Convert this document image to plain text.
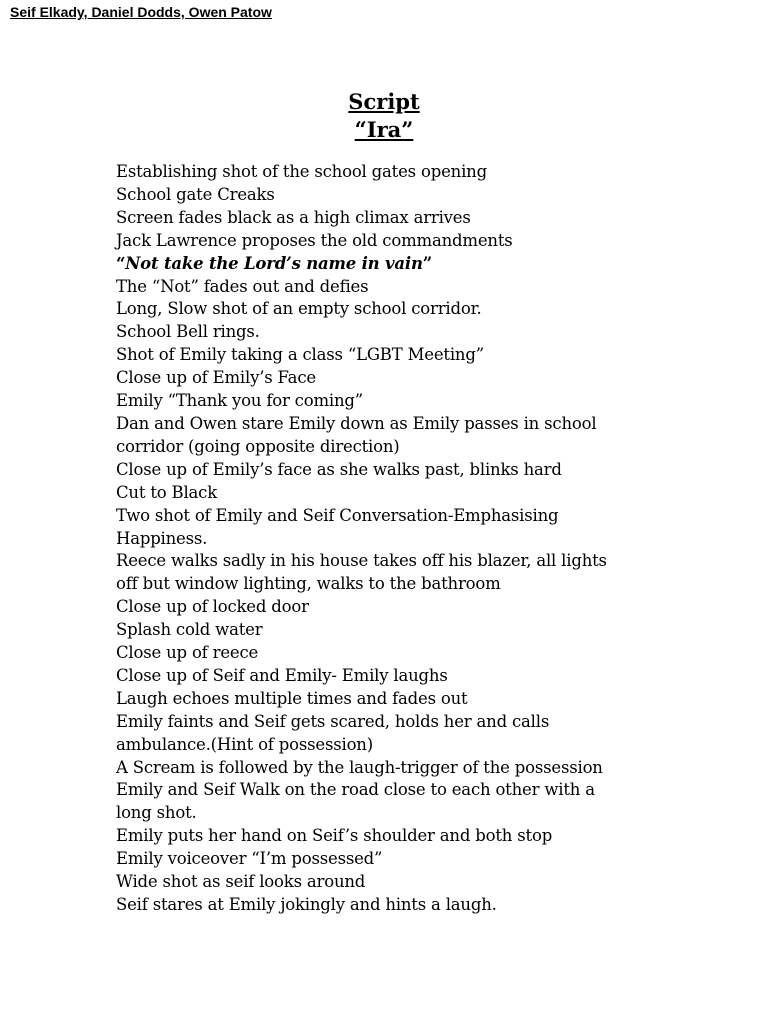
Seif Elkady, Daniel Dodds, Owen Patow
Script
“Ira”
Establishing shot of the school gates opening
School gate Creaks
Screen fades black as a high climax arrives
Jack Lawrence proposes the old commandments
“Not take the Lord’s name in vain”
The “Not” fades out and defies
Long, Slow shot of an empty school corridor.
School Bell rings.
Shot of Emily taking a class “LGBT Meeting”
Close up of Emily’s Face
Emily “Thank you for coming”
Dan and Owen stare Emily down as Emily passes in school
corridor (going opposite direction)
Close up of Emily’s face as she walks past, blinks hard
Cut to Black
Two shot of Emily and Seif Conversation-Emphasising
Happiness.
Reece walks sadly in his house takes off his blazer, all lights
off but window lighting, walks to the bathroom
Close up of locked door
Splash cold water
Close up of reece
Close up of Seif and Emily- Emily laughs
Laugh echoes multiple times and fades out
Emily faints and Seif gets scared, holds her and calls
ambulance.(Hint of possession)
A Scream is followed by the laugh-trigger of the possession
Emily and Seif Walk on the road close to each other with a
long shot.
Emily puts her hand on Seif’s shoulder and both stop
Emily voiceover “I’m possessed”
Wide shot as seif looks around
Seif stares at Emily jokingly and hints a laugh.
